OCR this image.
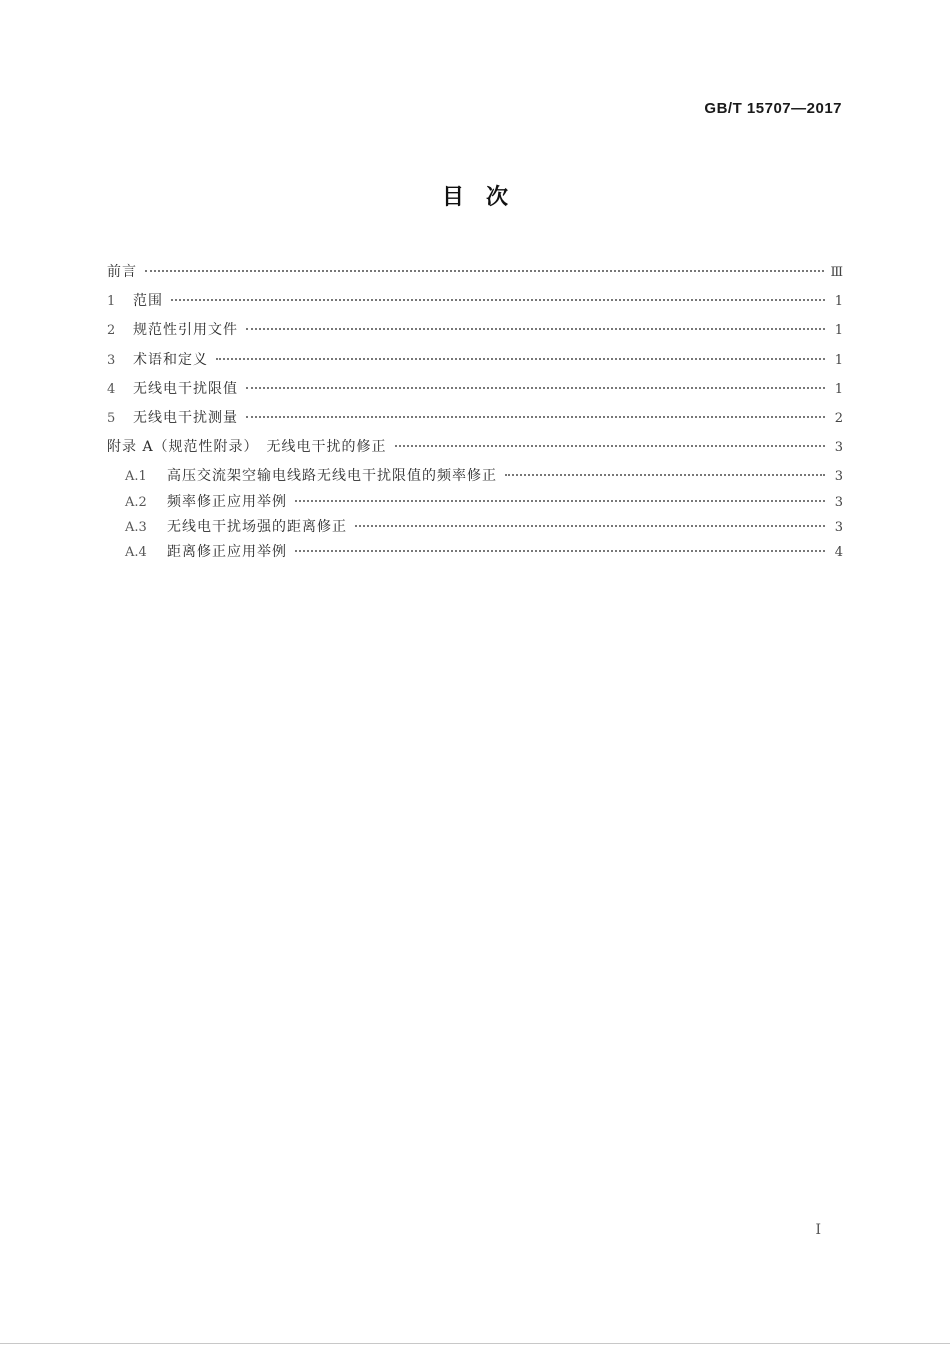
GB/T 15707—2017
目　次
前言	Ⅲ
1 范围	1
2 规范性引用文件	1
3 术语和定义	1
4 无线电干扰限值	1
5 无线电干扰测量	2
附录 A（规范性附录）　无线电干扰的修正	3
A.1	高压交流架空输电线路无线电干扰限值的频率修正	3
A.2	频率修正应用举例	3
A.3	无线电干扰场强的距离修正	3
A.4	距离修正应用举例	4
I
